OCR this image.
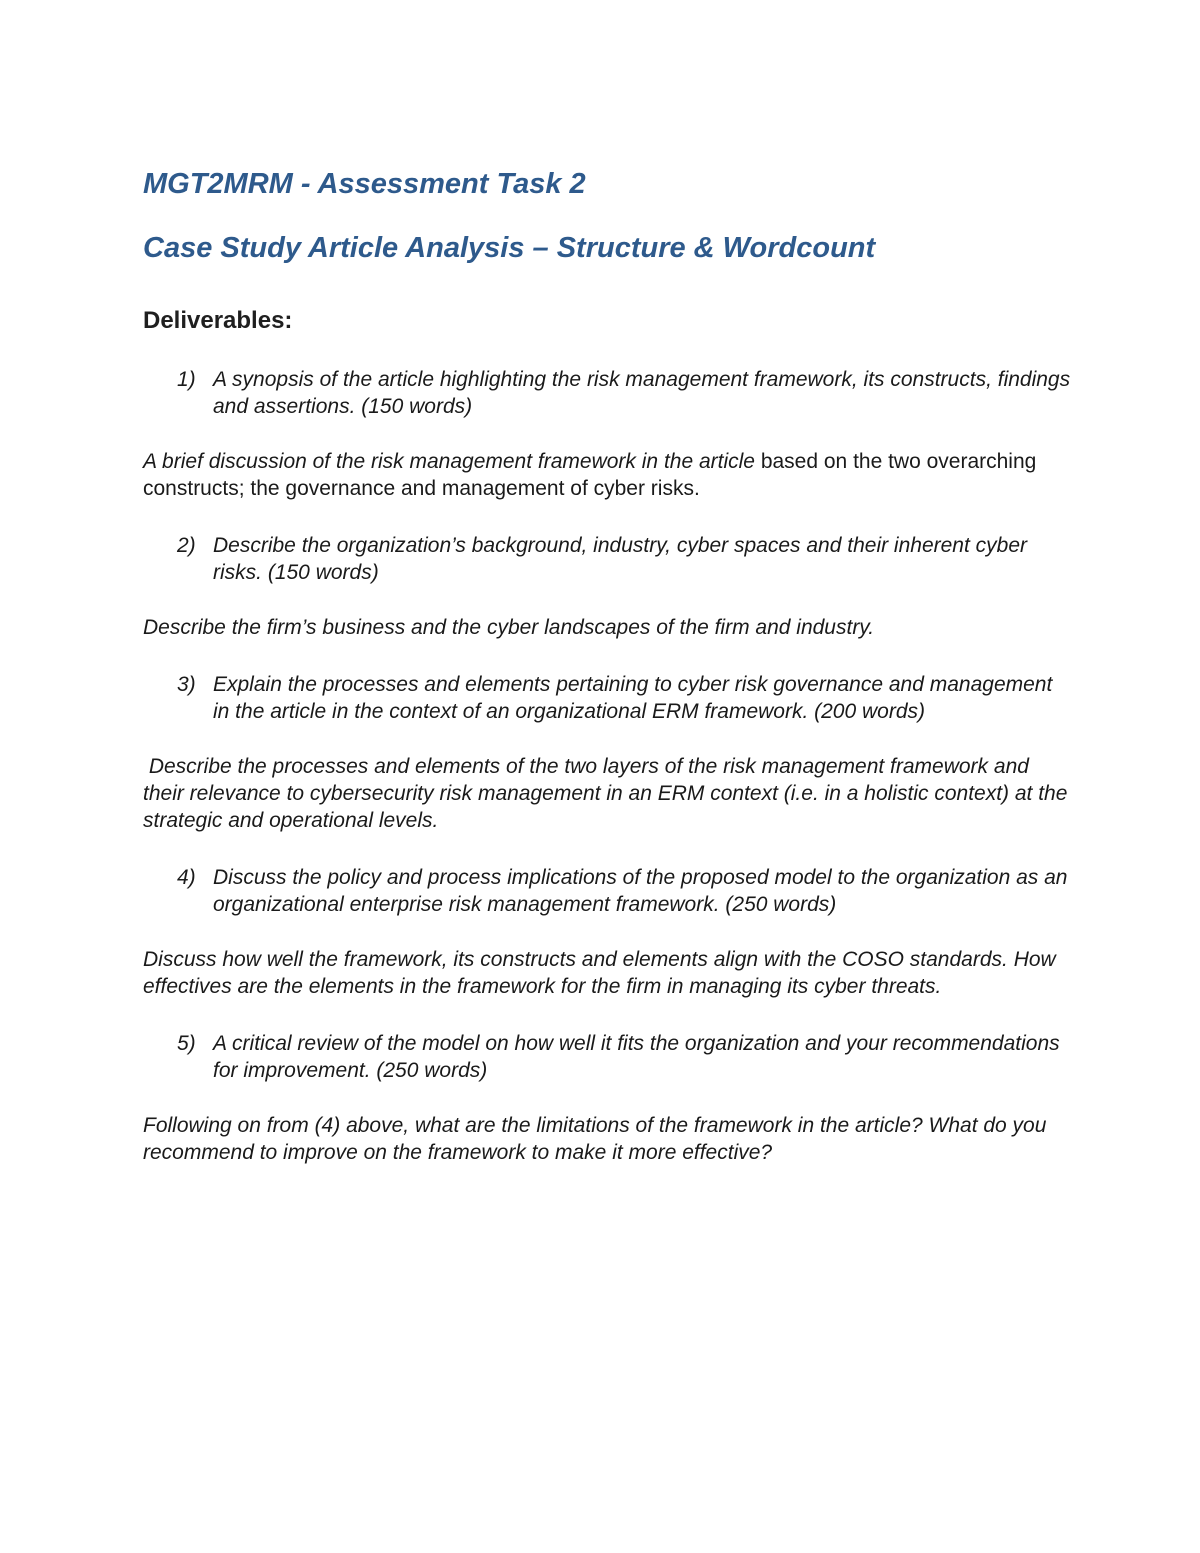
MGT2MRM - Assessment Task 2
Case Study Article Analysis – Structure & Wordcount
Deliverables:
1) A synopsis of the article highlighting the risk management framework, its constructs, findings and assertions. (150 words)

A brief discussion of the risk management framework in the article based on the two overarching constructs; the governance and management of cyber risks.

2) Describe the organization’s background, industry, cyber spaces and their inherent cyber risks. (150 words)

Describe the firm’s business and the cyber landscapes of the firm and industry.

3) Explain the processes and elements pertaining to cyber risk governance and management in the article in the context of an organizational ERM framework. (200 words)

Describe the processes and elements of the two layers of the risk management framework and their relevance to cybersecurity risk management in an ERM context (i.e. in a holistic context) at the strategic and operational levels.

4) Discuss the policy and process implications of the proposed model to the organization as an organizational enterprise risk management framework. (250 words)

Discuss how well the framework, its constructs and elements align with the COSO standards. How effectives are the elements in the framework for the firm in managing its cyber threats.

5) A critical review of the model on how well it fits the organization and your recommendations for improvement. (250 words)

Following on from (4) above, what are the limitations of the framework in the article? What do you recommend to improve on the framework to make it more effective?
